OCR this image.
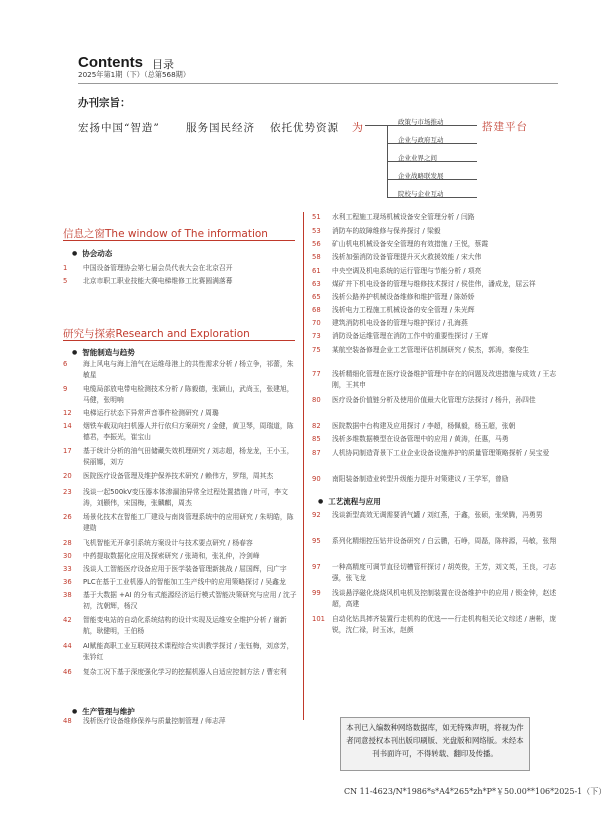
Contents 目录
2025年第1期（下）（总第568期）
办刊宗旨：
宏扬中国“智造”	服务国民经济 依托优势资源 为	搭建平台
政策与市场推动
企业与政府互动
企业业界之间
企业战略联发展
院校与企业互动
信息之窗The window of The information
● 协会动态
研究与探索Research and Exploration
● 智能制造与趋势
● 生产管理与维护
● 工艺流程与应用
1 中国设备管理协会第七届会员代表大会在北京召开
5 北京市职工职业技能大赛电梯维修工比赛圆满落幕
6 海上风电与海上油气在运维母港上的共性需求分析 / 杨立争，祁蕾，朱敏星
9 电缆局部放电带电检测技术分析 / 陈毅德，张颖山，武尚玉，张建旭，马健，张明响
12 电梯运行状态下异常声音事件检测研究 / 周璐
14 烟铁车载双向扫机器人并行依归方案研究 / 金健，黄卫琴，周瑞道，陈德君，李振光，崔宝山
17 基于统计分析的油气田储藏失效机理研究 / 刘志超，杨龙龙，王小玉，侯丽娜，刘方
20 医院医疗设备管理及维护保养技术研究 / 赖伟方，罗翔，周其杰
23 浅谈一起500kV变压器本体渗漏油异常全过程处置措施 / 叶可，李文涛，刘颢伟，宋国梅，张麟麒，周杰
26 场景化技术在智能工厂建设与南岗管理系统中的应用研究 / 朱明皓，陈建勋
28 飞机智能无开拿引系统方案设计与技术要点研究 / 杨春容
30 中药提取数据化应用及探索研究 / 张琦和，张礼仲，冷剑峰
33 浅谈人工智能医疗设备应用于医学装备管理新挑战 / 屈国辉，闫广宇
36 PLC在基于工业机器人的智能加工生产线中的应用策略探讨 / 吴鑫龙
38 基于大数据 +AI 的分布式能源经济运行模式智能决策研究与应用 / 沈子初，沈朝辉，杨汉
42 智能变电站的自动化系统结构的设计实现及运维安全维护分析 / 谢新航，耿健明，王伯杨
44 AI赋能高职工业互联网技术课程综合实训教学探讨 / 张钰梅，刘彦芳，张钤红
46 复杂工况下基于深度强化学习的挖掘机器人自适应控制方法 / 曹宏利
48 浅析医疗设备维修保养与质量控制管理 / 师志萍
51 水利工程施工现场机械设备安全管理分析 / 闫路
53 消防车的故障维修与保养探讨 / 梁毅
56 矿山机电机械设备安全管理的有效措施 / 王悦，蔡霞
58 浅析加强消防设备管理提升灭火救援效能 / 宋大伟
61 中央空调及机电系统的运行管理与节能分析 / 项亮
63 煤矿井下机电设备的管理与维修技术探讨 / 侯佳伟，潘成龙，屈云祥
65 浅析公路养护机械设备维修和维护管理 / 陈娇娇
68 浅析电力工程施工机械设备的安全管理 / 朱光辉
70 建筑消防机电设备的管理与维护探讨 / 孔海燕
73 消防设备运维管理在消防工作中的重要性探讨 / 王席
75 某航空装备修理企业工艺管理评估机制研究 / 侯杰，郭涛，秦俊生
77 浅析精细化管理在医疗设备维护管理中存在的问题及改进措施与成效 / 王志刚，王其申
80 医疗设备价值链分析及使用价值最大化管理方法探讨 / 杨升，孙四佳
82 医院数据中台构建及应用探讨 / 李超，杨佩毅，杨玉超，张朝
85 浅析多维数据模型在设备管理中的应用 / 黄涛，任惠，马勇
87 人机协同制造背景下工业企业设备设施养护的质量管理策略探析 / 吴宝爱
90 南阳装备制造业转型升级能力提升对策建议 / 王学军，曾励
92 浅谈新型高效无调需要消气罐 / 刘红燕，于鑫，张硕，张荣腾，冯勇男
95 系列化精细控压钻井设备研究 / 白云鹏，石峥，周磊，陈梓源，马敏，张翔
97 一种高精度可调节直径切槽管杆探讨 / 胡英俊，王芳，刘文英，王良，刁志强，张飞龙
99 浅谈悬浮磁化烧烧风机电机及控制装置在设备维护中的应用 / 锁金钟，赵述超，高建
101 自动化钻具摔齐装置行走机构的优选——行走机构相关论文综述 / 唐彬，庞锐，沈仁禄，时玉冰，赵颜
本刊已入编数种网络数据库，如无特殊声明，将视为作者同意授权本刊出版印刷版、光盘版和网络版。未经本刊书面许可，不得转载、翻印及传播。
CN 11-4623/N*1986*s*A4*265*zh*P*￥50.00**106*2025-1（下）
